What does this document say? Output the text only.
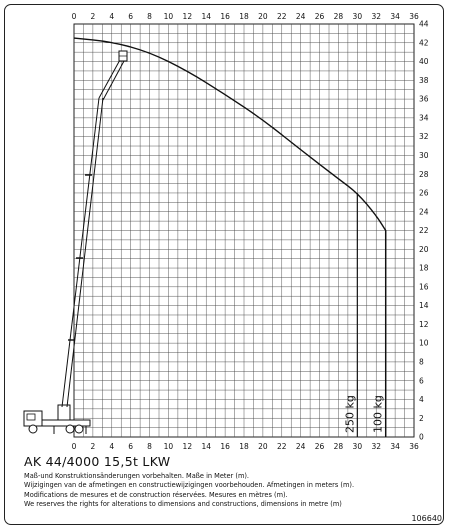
0 2 4 6 8 10 12 14 16 18 20 22 24 26 28 30 32 34 36
0 2 4 6 8 10 12 14 16 18 20 22 24 26 28 30 32 34 36
0
2
4
6
8
10
12
14
16
18
20
22
24
26
28
30
32
34
36
38
40
42
44
250 kg 100 kg
AK 44/4000 15,5t LKW
Maß-und Konstruktionsänderungen vorbehalten. Maße in Meter (m).
Wijzigingen van de afmetingen en constructiewijzigingen voorbehouden. Afmetingen in meters (m).
Modifications de mesures et de construction réservées. Mesures en mètres (m).
We reserves the rights for alterations to dimensions and constructions, dimensions in metre (m)
106640
